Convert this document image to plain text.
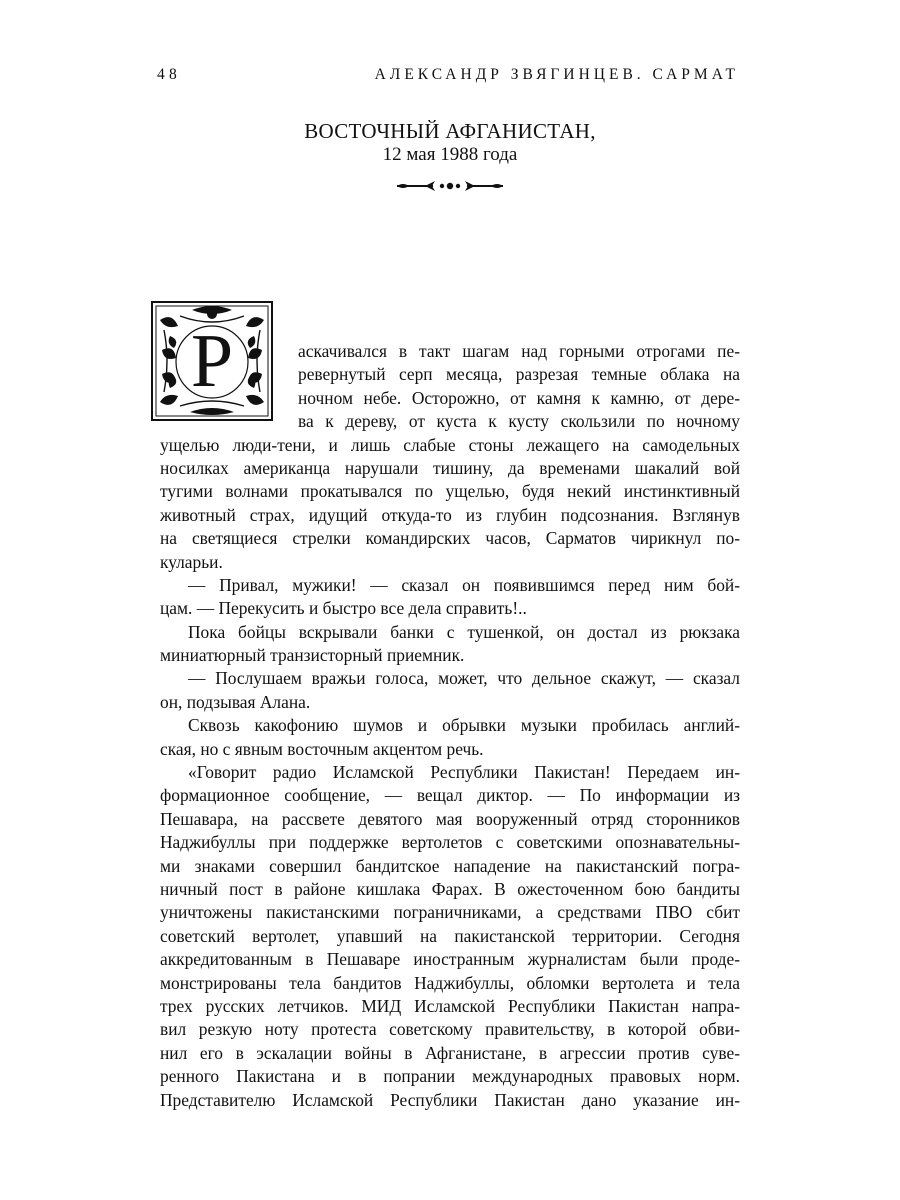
48	АЛЕКСАНДР ЗВЯГИНЦЕВ. САРМАТ
ВОСТОЧНЫЙ АФГАНИСТАН,
12 мая 1988 года
Р	аскачивался в такт шагам над горными отрогами пе-
ревернутый серп месяца, разрезая темные облака на
ночном небе. Осторожно, от камня к камню, от дере-
ва к дереву, от куста к кусту скользили по ночному
ущелью люди-тени, и лишь слабые стоны лежащего на самодельных
носилках американца нарушали тишину, да временами шакалий вой
тугими волнами прокатывался по ущелью, будя некий инстинктивный
животный страх, идущий откуда-то из глубин подсознания. Взглянув
на светящиеся стрелки командирских часов, Сарматов чирикнул по-
куларьи.
— Привал, мужики! — сказал он появившимся перед ним бой-
цам. — Перекусить и быстро все дела справить!..
Пока бойцы вскрывали банки с тушенкой, он достал из рюкзака
миниатюрный транзисторный приемник.
— Послушаем вражьи голоса, может, что дельное скажут, — сказал
он, подзывая Алана.
Сквозь какофонию шумов и обрывки музыки пробилась англий-
ская, но с явным восточным акцентом речь.
«Говорит радио Исламской Республики Пакистан! Передаем ин-
формационное сообщение, — вещал диктор. — По информации из
Пешавара, на рассвете девятого мая вооруженный отряд сторонников
Наджибуллы при поддержке вертолетов с советскими опознавательны-
ми знаками совершил бандитское нападение на пакистанский погра-
ничный пост в районе кишлака Фарах. В ожесточенном бою бандиты
уничтожены пакистанскими пограничниками, а средствами ПВО сбит
советский вертолет, упавший на пакистанской территории. Сегодня
аккредитованным в Пешаваре иностранным журналистам были проде-
монстрированы тела бандитов Наджибуллы, обломки вертолета и тела
трех русских летчиков. МИД Исламской Республики Пакистан напра-
вил резкую ноту протеста советскому правительству, в которой обви-
нил его в эскалации войны в Афганистане, в агрессии против суве-
ренного Пакистана и в попрании международных правовых норм.
Представителю Исламской Республики Пакистан дано указание ин-
